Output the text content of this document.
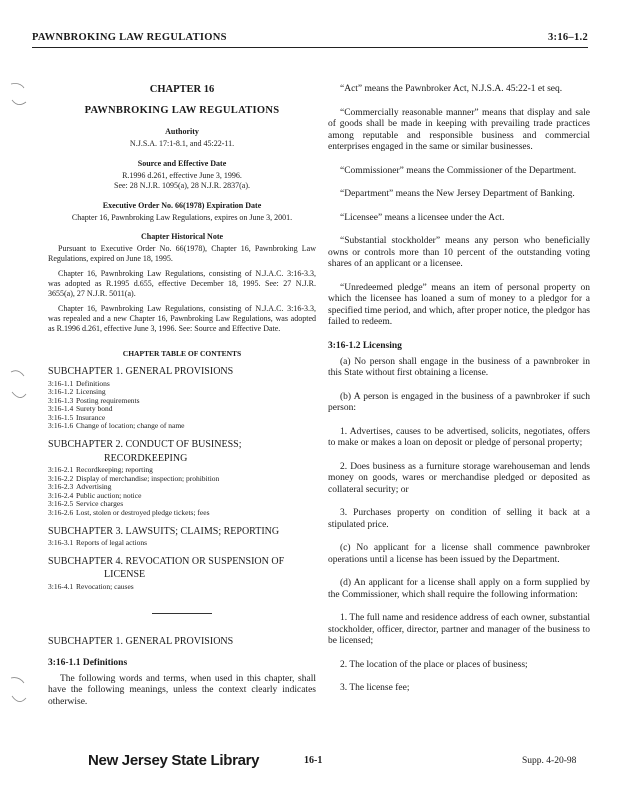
PAWNBROKING LAW REGULATIONS	3:16–1.2

CHAPTER 16

PAWNBROKING LAW REGULATIONS

Authority

N.J.S.A. 17:1-8.1, and 45:22-11.

Source and Effective Date

R.1996 d.261, effective June 3, 1996.

See: 28 N.J.R. 1095(a), 28 N.J.R. 2837(a).

Executive Order No. 66(1978) Expiration Date

Chapter 16, Pawnbroking Law Regulations, expires on June 3, 2001.

Chapter Historical Note

Pursuant to Executive Order No. 66(1978), Chapter 16, Pawnbroking Law Regulations, expired on June 18, 1995.

Chapter 16, Pawnbroking Law Regulations, consisting of N.J.A.C. 3:16-3.3, was adopted as R.1995 d.655, effective December 18, 1995. See: 27 N.J.R. 3655(a), 27 N.J.R. 5011(a).

Chapter 16, Pawnbroking Law Regulations, consisting of N.J.A.C. 3:16-3.3, was repealed and a new Chapter 16, Pawnbroking Law Regulations, was adopted as R.1996 d.261, effective June 3, 1996. See: Source and Effective Date.

CHAPTER TABLE OF CONTENTS

SUBCHAPTER 1. GENERAL PROVISIONS

3:16-1.1 Definitions
3:16-1.2 Licensing
3:16-1.3 Posting requirements
3:16-1.4 Surety bond
3:16-1.5 Insurance
3:16-1.6 Change of location; change of name

SUBCHAPTER 2. CONDUCT OF BUSINESS;

RECORDKEEPING

3:16-2.1 Recordkeeping; reporting
3:16-2.2 Display of merchandise; inspection; prohibition
3:16-2.3 Advertising
3:16-2.4 Public auction; notice
3:16-2.5 Service charges
3:16-2.6 Lost, stolen or destroyed pledge tickets; fees

SUBCHAPTER 3. LAWSUITS; CLAIMS; REPORTING

3:16-3.1 Reports of legal actions

SUBCHAPTER 4. REVOCATION OR SUSPENSION OF

LICENSE

3:16-4.1 Revocation; causes

SUBCHAPTER 1. GENERAL PROVISIONS

3:16-1.1 Definitions

The following words and terms, when used in this chapter, shall have the following meanings, unless the context clearly indicates otherwise.

“Act” means the Pawnbroker Act, N.J.S.A. 45:22-1 et seq.

“Commercially reasonable manner” means that display and sale of goods shall be made in keeping with prevailing trade practices among reputable and responsible business and commercial enterprises engaged in the same or similar businesses.

“Commissioner” means the Commissioner of the Department.

“Department” means the New Jersey Department of Banking.

“Licensee” means a licensee under the Act.

“Substantial stockholder” means any person who beneficially owns or controls more than 10 percent of the outstanding voting shares of an applicant or a licensee.

“Unredeemed pledge” means an item of personal property on which the licensee has loaned a sum of money to a pledgor for a specified time period, and which, after proper notice, the pledgor has failed to redeem.

3:16-1.2 Licensing

(a) No person shall engage in the business of a pawnbroker in this State without first obtaining a license.

(b) A person is engaged in the business of a pawnbroker if such person:

1. Advertises, causes to be advertised, solicits, negotiates, offers to make or makes a loan on deposit or pledge of personal property;

2. Does business as a furniture storage warehouseman and lends money on goods, wares or merchandise pledged or deposited as collateral security; or

3. Purchases property on condition of selling it back at a stipulated price.

(c) No applicant for a license shall commence pawnbroker operations until a license has been issued by the Department.

(d) An applicant for a license shall apply on a form supplied by the Commissioner, which shall require the following information:

1. The full name and residence address of each owner, substantial stockholder, officer, director, partner and manager of the business to be licensed;

2. The location of the place or places of business;

3. The license fee;

New Jersey State Library	16-1	Supp. 4-20-98
